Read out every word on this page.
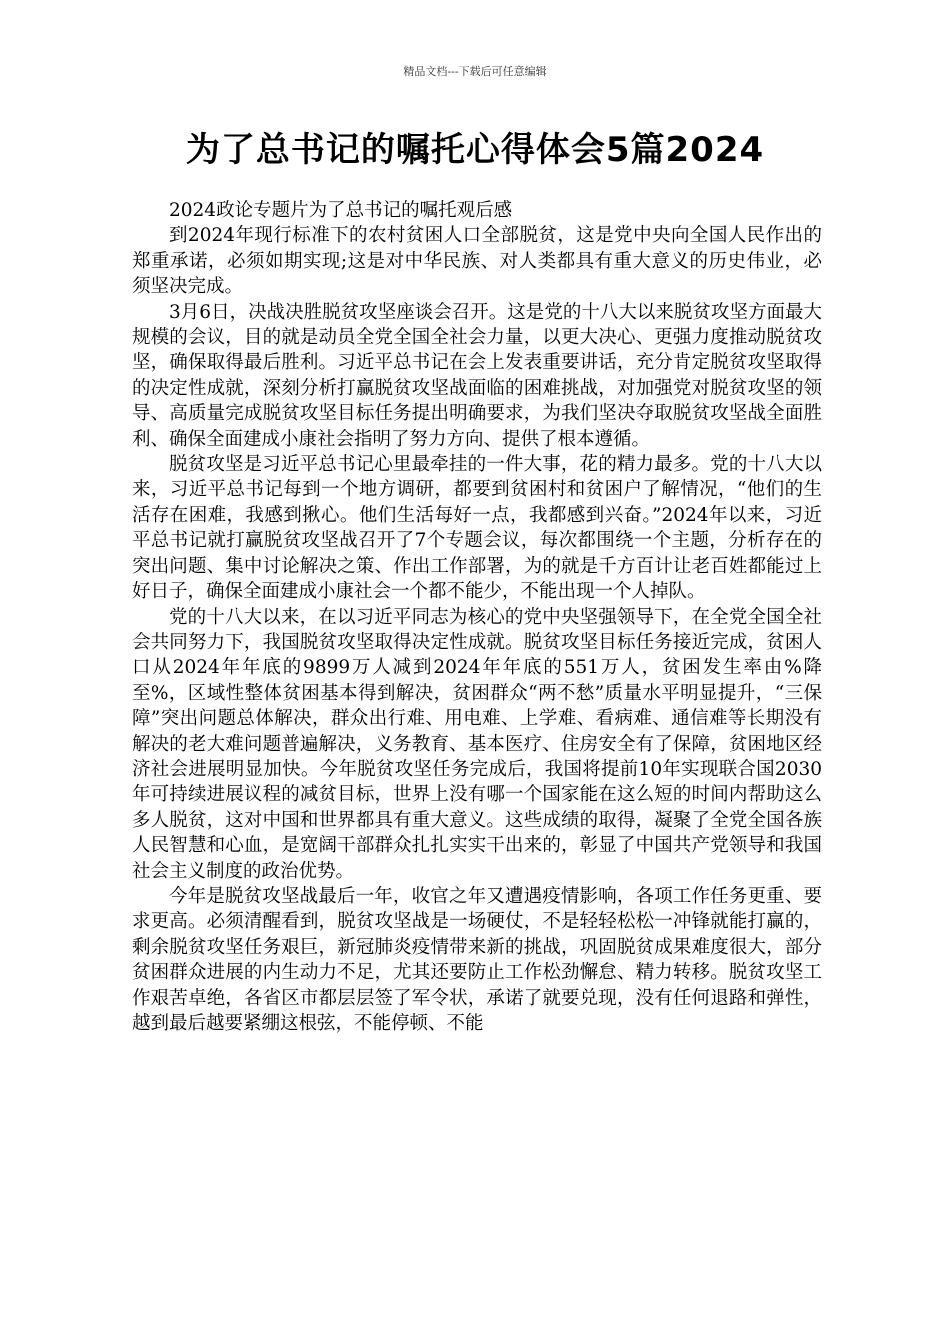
精品文档---下载后可任意编辑
为了总书记的嘱托心得体会5篇2024

2024政论专题片为了总书记的嘱托观后感

到2024年现行标准下的农村贫困人口全部脱贫，这是党中央向全国人民作出的郑重承诺，必须如期实现;这是对中华民族、对人类都具有重大意义的历史伟业，必须坚决完成。

3月6日，决战决胜脱贫攻坚座谈会召开。这是党的十八大以来脱贫攻坚方面最大规模的会议，目的就是动员全党全国全社会力量，以更大决心、更强力度推动脱贫攻坚，确保取得最后胜利。习近平总书记在会上发表重要讲话，充分肯定脱贫攻坚取得的决定性成就，深刻分析打赢脱贫攻坚战面临的困难挑战，对加强党对脱贫攻坚的领导、高质量完成脱贫攻坚目标任务提出明确要求，为我们坚决夺取脱贫攻坚战全面胜利、确保全面建成小康社会指明了努力方向、提供了根本遵循。

脱贫攻坚是习近平总书记心里最牵挂的一件大事，花的精力最多。党的十八大以来，习近平总书记每到一个地方调研，都要到贫困村和贫困户了解情况，“他们的生活存在困难，我感到揪心。他们生活每好一点，我都感到兴奋。”2024年以来，习近平总书记就打赢脱贫攻坚战召开了7个专题会议，每次都围绕一个主题，分析存在的突出问题、集中讨论解决之策、作出工作部署，为的就是千方百计让老百姓都能过上好日子，确保全面建成小康社会一个都不能少，不能出现一个人掉队。

党的十八大以来，在以习近平同志为核心的党中央坚强领导下，在全党全国全社会共同努力下，我国脱贫攻坚取得决定性成就。脱贫攻坚目标任务接近完成，贫困人口从2024年年底的9899万人减到2024年年底的551万人，贫困发生率由%降至%，区域性整体贫困基本得到解决，贫困群众“两不愁”质量水平明显提升，“三保障”突出问题总体解决，群众出行难、用电难、上学难、看病难、通信难等长期没有解决的老大难问题普遍解决，义务教育、基本医疗、住房安全有了保障，贫困地区经济社会进展明显加快。今年脱贫攻坚任务完成后，我国将提前10年实现联合国2030年可持续进展议程的减贫目标，世界上没有哪一个国家能在这么短的时间内帮助这么多人脱贫，这对中国和世界都具有重大意义。这些成绩的取得，凝聚了全党全国各族人民智慧和心血，是宽阔干部群众扎扎实实干出来的，彰显了中国共产党领导和我国社会主义制度的政治优势。

今年是脱贫攻坚战最后一年，收官之年又遭遇疫情影响，各项工作任务更重、要求更高。必须清醒看到，脱贫攻坚战是一场硬仗，不是轻轻松松一冲锋就能打赢的，剩余脱贫攻坚任务艰巨，新冠肺炎疫情带来新的挑战，巩固脱贫成果难度很大，部分贫困群众进展的内生动力不足，尤其还要防止工作松劲懈怠、精力转移。脱贫攻坚工作艰苦卓绝，各省区市都层层签了军令状，承诺了就要兑现，没有任何退路和弹性，越到最后越要紧绷这根弦，不能停顿、不能
